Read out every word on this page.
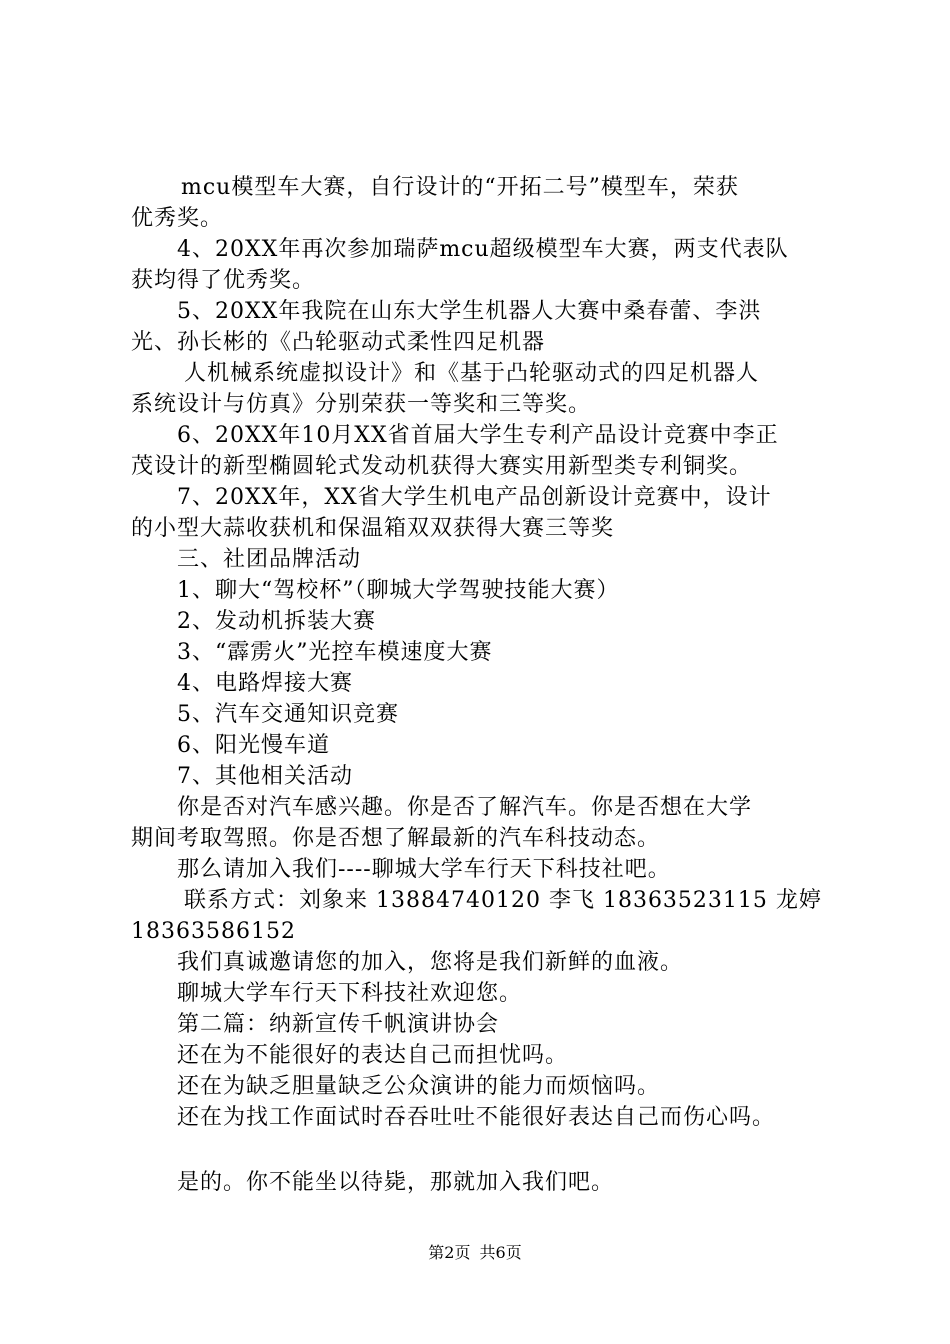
mcu模型车大赛，自行设计的“开拓二号”模型车，荣获
优秀奖。
4、20XX年再次参加瑞萨mcu超级模型车大赛，两支代表队
获均得了优秀奖。
5、20XX年我院在山东大学生机器人大赛中桑春蕾、李洪
光、孙长彬的《凸轮驱动式柔性四足机器
人机械系统虚拟设计》和《基于凸轮驱动式的四足机器人
系统设计与仿真》分别荣获一等奖和三等奖。
6、20XX年10月XX省首届大学生专利产品设计竞赛中李正
茂设计的新型椭圆轮式发动机获得大赛实用新型类专利铜奖。
7、20XX年，XX省大学生机电产品创新设计竞赛中，设计
的小型大蒜收获机和保温箱双双获得大赛三等奖
三、社团品牌活动
1、聊大“驾校杯”（聊城大学驾驶技能大赛）
2、发动机拆装大赛
3、“霹雳火”光控车模速度大赛
4、电路焊接大赛
5、汽车交通知识竞赛
6、阳光慢车道
7、其他相关活动
你是否对汽车感兴趣。你是否了解汽车。你是否想在大学
期间考取驾照。你是否想了解最新的汽车科技动态。
那么请加入我们----聊城大学车行天下科技社吧。
联系方式：刘象来 13884740120 李飞 18363523115 龙婷
18363586152
我们真诚邀请您的加入，您将是我们新鲜的血液。
聊城大学车行天下科技社欢迎您。
第二篇：纳新宣传千帆演讲协会
还在为不能很好的表达自己而担忧吗。
还在为缺乏胆量缺乏公众演讲的能力而烦恼吗。
还在为找工作面试时吞吞吐吐不能很好表达自己而伤心吗。
是的。你不能坐以待毙，那就加入我们吧。
第2页 共6页
